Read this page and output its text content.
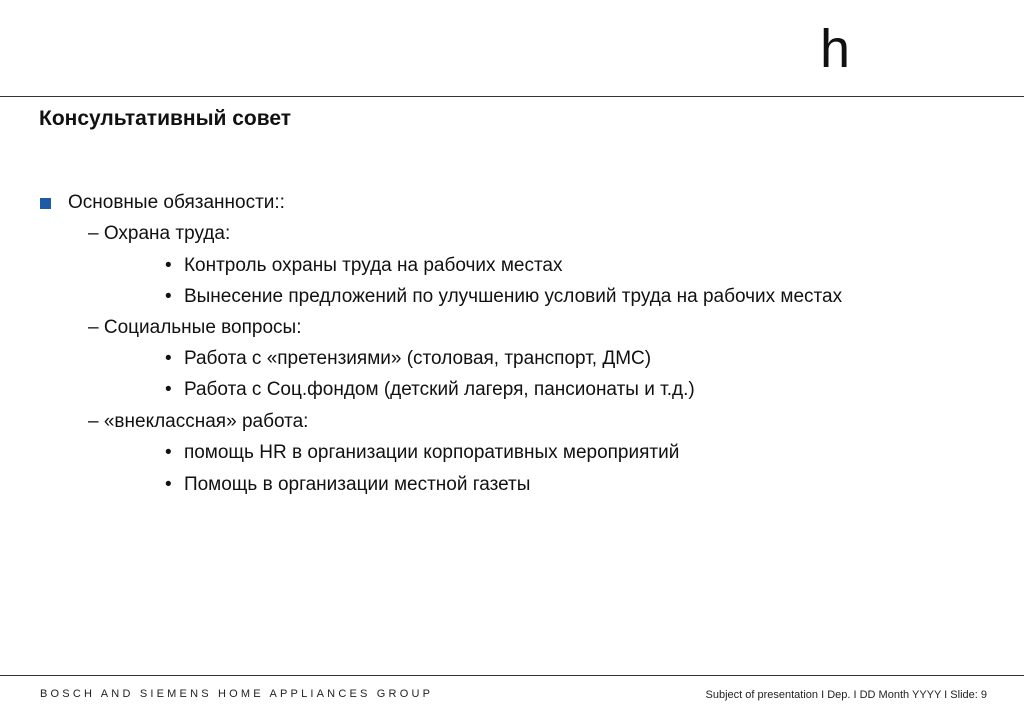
h
Консультативный совет
Основные обязанности::
– Охрана труда:
• Контроль охраны труда на рабочих местах
• Вынесение предложений по улучшению условий труда на рабочих местах
– Социальные вопросы:
• Работа с «претензиями» (столовая, транспорт, ДМС)
• Работа с Соц.фондом (детский лагеря, пансионаты и т.д.)
– «внеклассная» работа:
• помощь HR в организации корпоративных мероприятий
• Помощь в организации местной газеты
BOSCH AND SIEMENS HOME APPLIANCES GROUP	Subject of presentation I Dep. I DD Month YYYY I Slide: 9
